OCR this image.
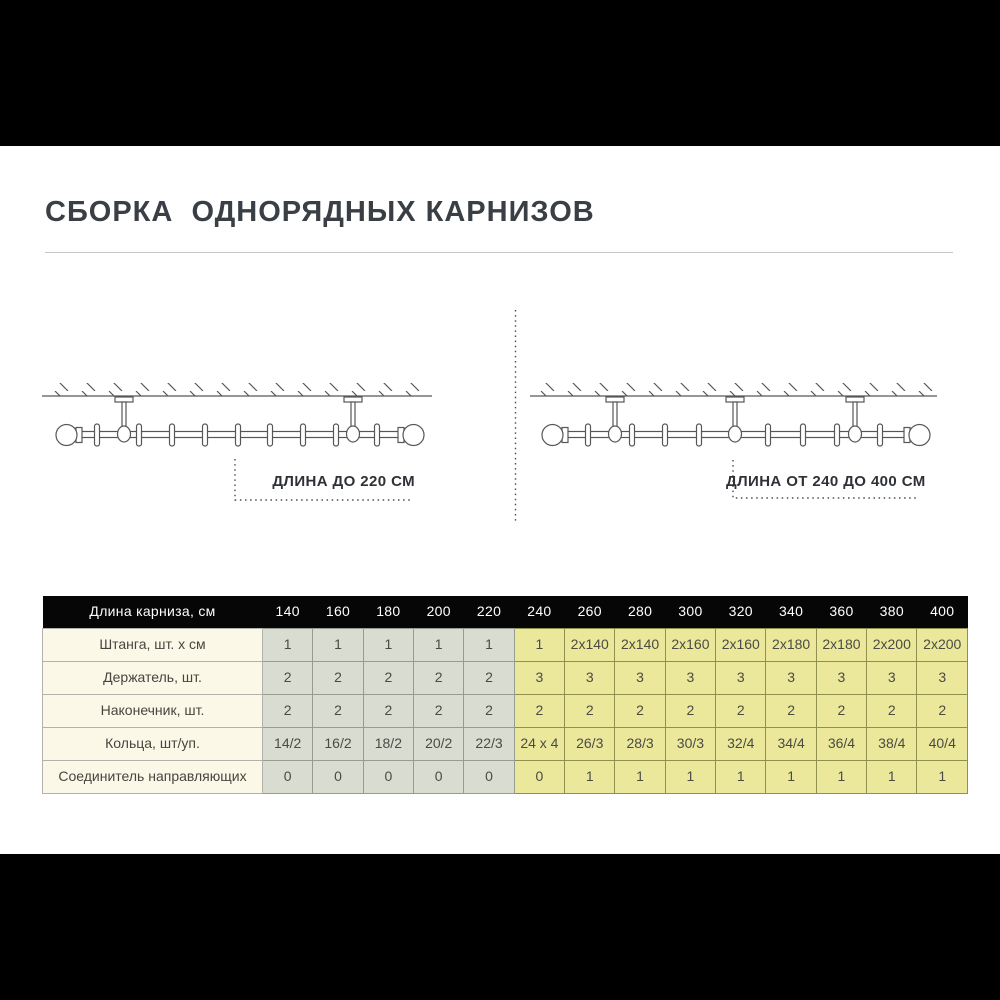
СБОРКА  ОДНОРЯДНЫХ КАРНИЗОВ
ДЛИНА ДО 220 СМ	ДЛИНА ОТ 240 ДО 400 СМ
Длина карниза, см	140	160	180	200	220	240	260	280	300	320	340	360	380	400
Штанга, шт. х см	1	1	1	1	1	1	2x140	2x140	2x160	2x160	2x180	2x180	2x200	2x200
Держатель, шт.	2	2	2	2	2	3	3	3	3	3	3	3	3	3
Наконечник, шт.	2	2	2	2	2	2	2	2	2	2	2	2	2	2
Кольца, шт/уп.	14/2	16/2	18/2	20/2	22/3	24 x 4	26/3	28/3	30/3	32/4	34/4	36/4	38/4	40/4
Соединитель направляющих	0	0	0	0	0	0	1	1	1	1	1	1	1	1
